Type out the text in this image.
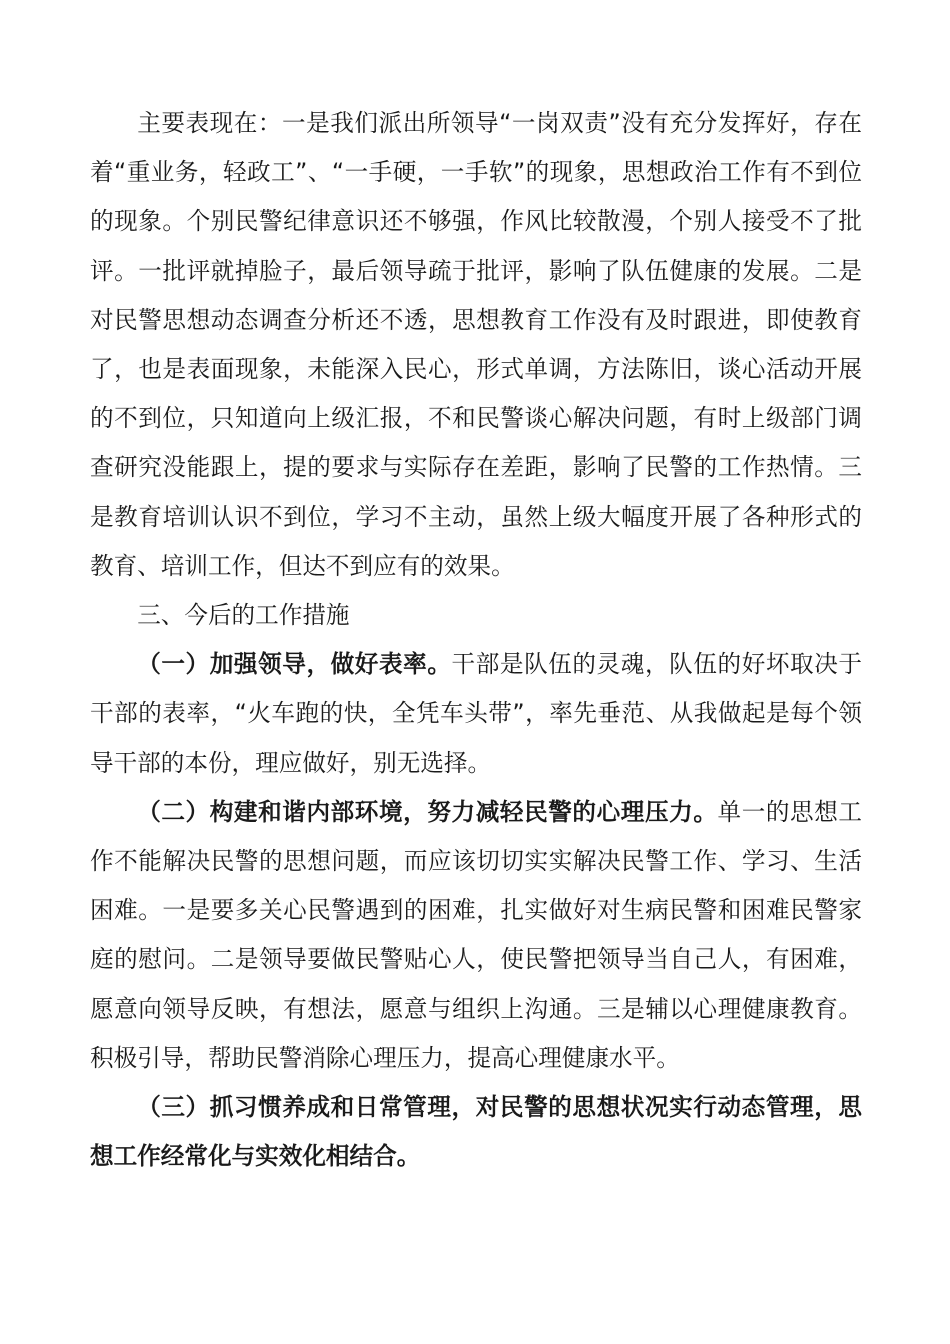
主要表现在：一是我们派出所领导“一岗双责”没有充分发挥好，存在着“重业务，轻政工”、“一手硬，一手软”的现象，思想政治工作有不到位的现象。个别民警纪律意识还不够强，作风比较散漫，个别人接受不了批评。一批评就掉脸子，最后领导疏于批评，影响了队伍健康的发展。二是对民警思想动态调查分析还不透，思想教育工作没有及时跟进，即使教育了，也是表面现象，未能深入民心，形式单调，方法陈旧，谈心活动开展的不到位，只知道向上级汇报，不和民警谈心解决问题，有时上级部门调查研究没能跟上，提的要求与实际存在差距，影响了民警的工作热情。三是教育培训认识不到位，学习不主动，虽然上级大幅度开展了各种形式的教育、培训工作，但达不到应有的效果。

三、今后的工作措施

（一）加强领导，做好表率。干部是队伍的灵魂，队伍的好坏取决于干部的表率，“火车跑的快，全凭车头带”，率先垂范、从我做起是每个领导干部的本份，理应做好，别无选择。

（二）构建和谐内部环境，努力减轻民警的心理压力。单一的思想工作不能解决民警的思想问题，而应该切切实实解决民警工作、学习、生活困难。一是要多关心民警遇到的困难，扎实做好对生病民警和困难民警家庭的慰问。二是领导要做民警贴心人，使民警把领导当自己人，有困难，愿意向领导反映，有想法，愿意与组织上沟通。三是辅以心理健康教育。积极引导，帮助民警消除心理压力，提高心理健康水平。

（三）抓习惯养成和日常管理，对民警的思想状况实行动态管理，思想工作经常化与实效化相结合。
